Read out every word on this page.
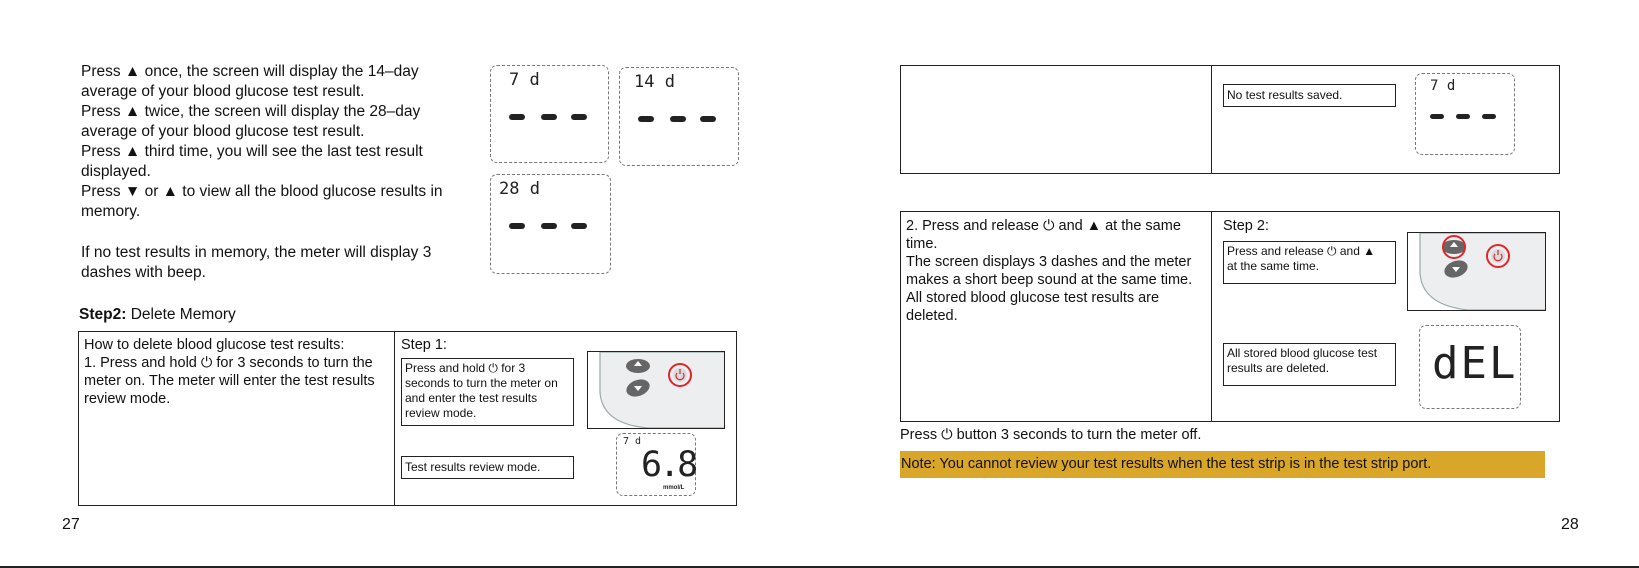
Press ▲ once, the screen will display the 14–day
average of your blood glucose test result.
Press ▲ twice, the screen will display the 28–day
average of your blood glucose test result.
Press ▲ third time, you will see the last test result
displayed.
Press ▼ or ▲ to view all the blood glucose results in
memory.
If no test results in memory, the meter will display 3
dashes with beep.
7 d	14 d
28 d
Step2: Delete Memory
How to delete blood glucose test results:
1. Press and hold ⏻ for 3 seconds to turn the
meter on. The meter will enter the test results
review mode.
Step 1:
Press and hold ⏻ for 3
seconds to turn the meter on
and enter the test results
review mode.
Test results review mode.
7 d
6.8
mmol/L
27
No test results saved.
7 d
2. Press and release ⏻ and ▲ at the same
time.
The screen displays 3 dashes and the meter
makes a short beep sound at the same time.
All stored blood glucose test results are
deleted.
Step 2:
Press and release ⏻ and ▲
at the same time.
All stored blood glucose test
results are deleted.	dEL
Press ⏻ button 3 seconds to turn the meter off.
Note: You cannot review your test results when the test strip is in the test strip port.
28
